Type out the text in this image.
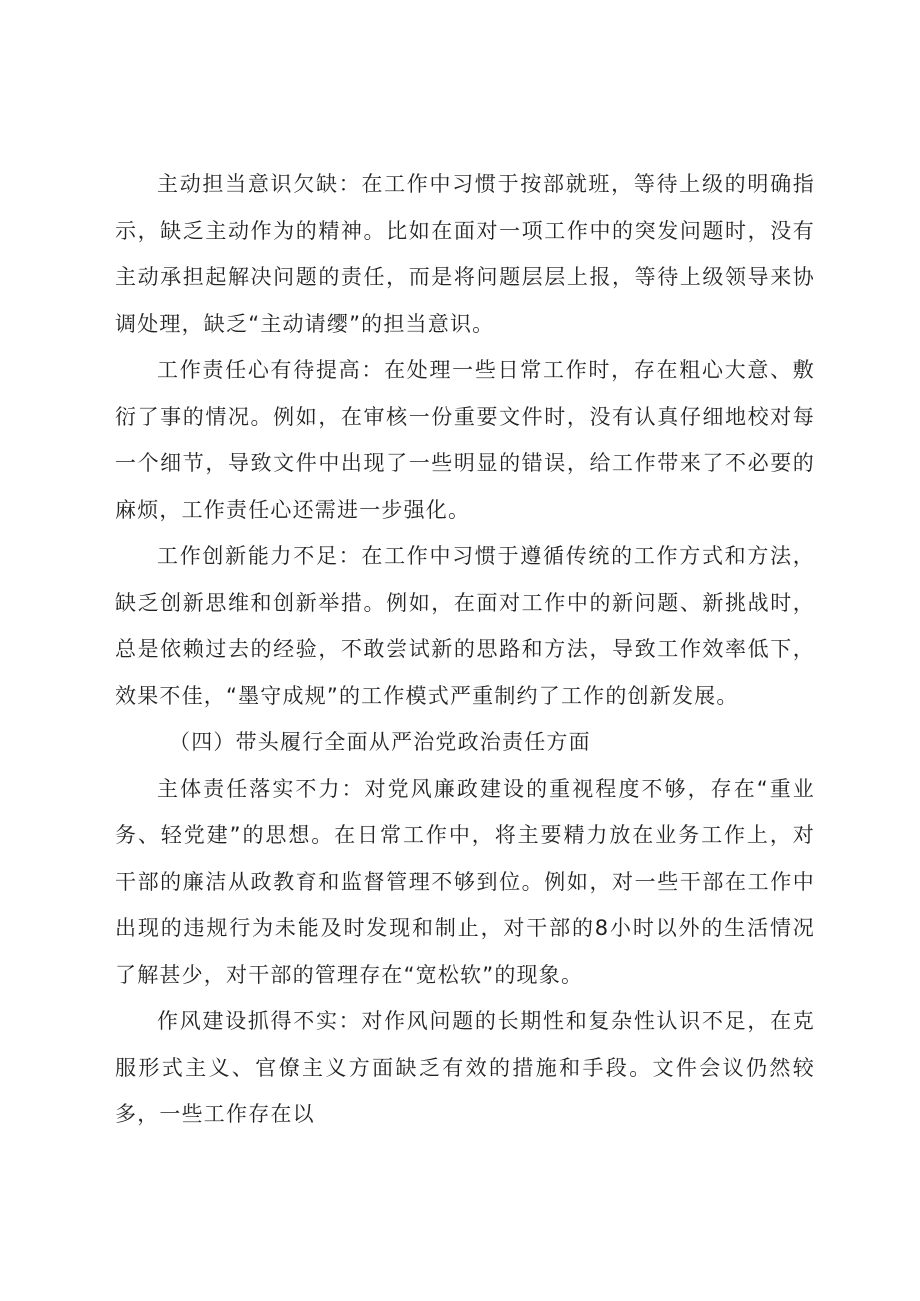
主动担当意识欠缺：在工作中习惯于按部就班，等待上级的明确指示，缺乏主动作为的精神。比如在面对一项工作中的突发问题时，没有主动承担起解决问题的责任，而是将问题层层上报，等待上级领导来协调处理，缺乏“主动请缨”的担当意识。

工作责任心有待提高：在处理一些日常工作时，存在粗心大意、敷衍了事的情况。例如，在审核一份重要文件时，没有认真仔细地校对每一个细节，导致文件中出现了一些明显的错误，给工作带来了不必要的麻烦，工作责任心还需进一步强化。

工作创新能力不足：在工作中习惯于遵循传统的工作方式和方法，缺乏创新思维和创新举措。例如，在面对工作中的新问题、新挑战时，总是依赖过去的经验，不敢尝试新的思路和方法，导致工作效率低下，效果不佳，“墨守成规”的工作模式严重制约了工作的创新发展。

（四）带头履行全面从严治党政治责任方面

主体责任落实不力：对党风廉政建设的重视程度不够，存在“重业务、轻党建”的思想。在日常工作中，将主要精力放在业务工作上，对干部的廉洁从政教育和监督管理不够到位。例如，对一些干部在工作中出现的违规行为未能及时发现和制止，对干部的8小时以外的生活情况了解甚少，对干部的管理存在“宽松软”的现象。

作风建设抓得不实：对作风问题的长期性和复杂性认识不足，在克服形式主义、官僚主义方面缺乏有效的措施和手段。文件会议仍然较多，一些工作存在以
